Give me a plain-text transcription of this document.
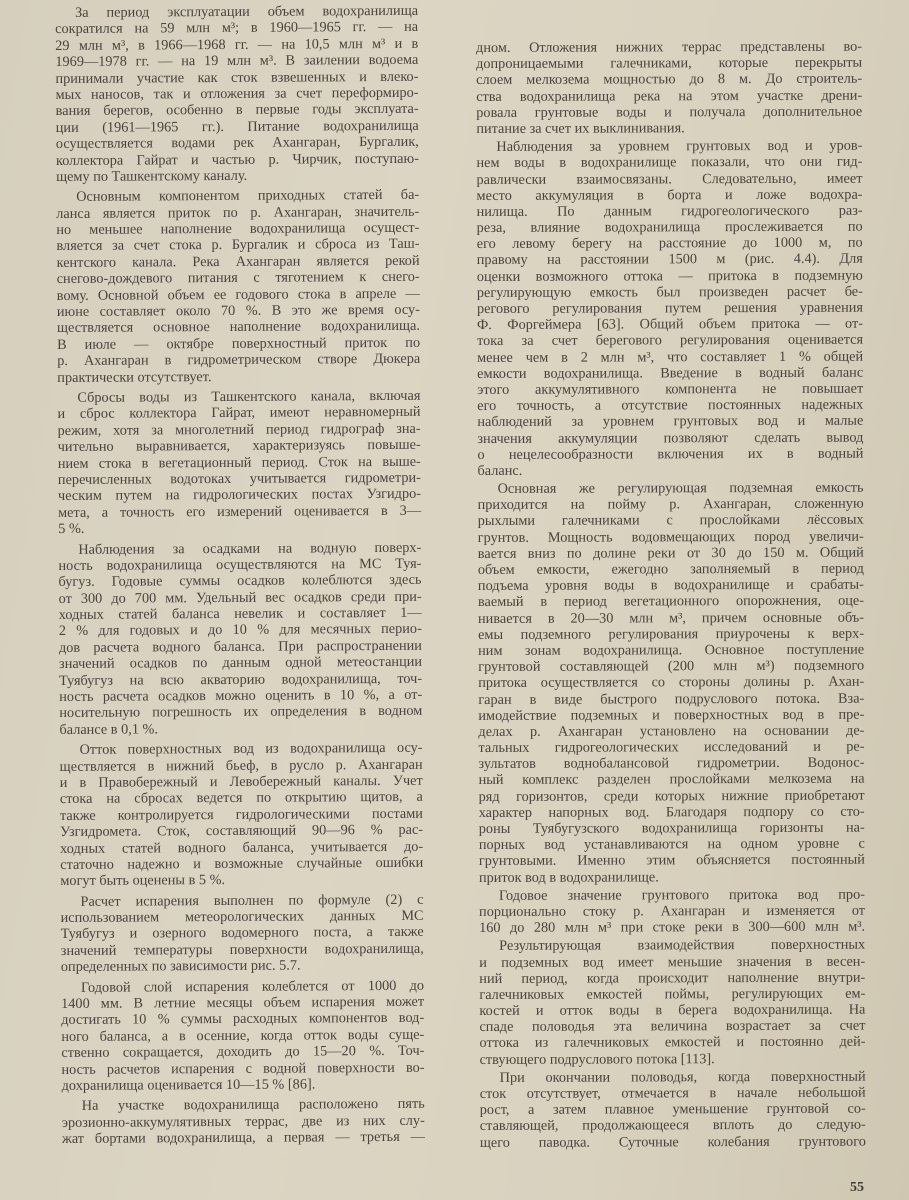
За период эксплуатации объем водохранилища
сократился на 59 млн м³; в 1960—1965 гг. — на
29 млн м³, в 1966—1968 гг. — на 10,5 млн м³ и в
1969—1978 гг. — на 19 млн м³. В заилении водоема
принимали участие как сток взвешенных и влеко-
мых наносов, так и отложения за счет переформиро-
вания берегов, особенно в первые годы эксплуата-
ции (1961—1965 гг.). Питание водохранилища
осуществляется водами рек Ахангаран, Бургалик,
коллектора Гайрат и частью р. Чирчик, поступаю-
щему по Ташкентскому каналу.
Основным компонентом приходных статей ба-
ланса является приток по р. Ахангаран, значитель-
но меньшее наполнение водохранилища осущест-
вляется за счет стока р. Бургалик и сброса из Таш-
кентского канала. Река Ахангаран является рекой
снегово-дождевого питания с тяготением к снего-
вому. Основной объем ее годового стока в апреле —
июне составляет около 70 %. В это же время осу-
ществляется основное наполнение водохранилища.
В июле — октябре поверхностный приток по
р. Ахангаран в гидрометрическом створе Дюкера
практически отсутствует.
Сбросы воды из Ташкентского канала, включая
и сброс коллектора Гайрат, имеют неравномерный
режим, хотя за многолетний период гидрограф зна-
чительно выравнивается, характеризуясь повыше-
нием стока в вегетационный период. Сток на выше-
перечисленных водотоках учитывается гидрометри-
ческим путем на гидрологических постах Узгидро-
мета, а точность его измерений оценивается в 3—
5 %.
Наблюдения за осадками на водную поверх-
ность водохранилища осуществляются на МС Туя-
бугуз. Годовые суммы осадков колеблются здесь
от 300 до 700 мм. Удельный вес осадков среди при-
ходных статей баланса невелик и составляет 1—
2 % для годовых и до 10 % для месячных перио-
дов расчета водного баланса. При распространении
значений осадков по данным одной метеостанции
Туябугуз на всю акваторию водохранилища, точ-
ность расчета осадков можно оценить в 10 %, а от-
носительную погрешность их определения в водном
балансе в 0,1 %.
Отток поверхностных вод из водохранилища осу-
ществляется в нижний бьеф, в русло р. Ахангаран
и в Правобережный и Левобережный каналы. Учет
стока на сбросах ведется по открытию щитов, а
также контролируется гидрологическими постами
Узгидромета. Сток, составляющий 90—96 % рас-
ходных статей водного баланса, учитывается до-
статочно надежно и возможные случайные ошибки
могут быть оценены в 5 %.
Расчет испарения выполнен по формуле (2) с
использованием метеорологических данных МС
Туябугуз и озерного водомерного поста, а также
значений температуры поверхности водохранилища,
определенных по зависимости рис. 5.7.
Годовой слой испарения колеблется от 1000 до
1400 мм. В летние месяцы объем испарения может
достигать 10 % суммы расходных компонентов вод-
ного баланса, а в осенние, когда отток воды суще-
ственно сокращается, доходить до 15—20 %. Точ-
ность расчетов испарения с водной поверхности во-
дохранилища оценивается 10—15 % [86].
На участке водохранилища расположено пять
эрозионно-аккумулятивных террас, две из них слу-
жат бортами водохранилища, а первая — третья —
дном. Отложения нижних террас представлены во-
допроницаемыми галечниками, которые перекрыты
слоем мелкозема мощностью до 8 м. До строитель-
ства водохранилища река на этом участке дрени-
ровала грунтовые воды и получала дополнительное
питание за счет их выклинивания.
Наблюдения за уровнем грунтовых вод и уров-
нем воды в водохранилище показали, что они гид-
равлически взаимосвязаны. Следовательно, имеет
место аккумуляция в борта и ложе водохра-
нилища. По данным гидрогеологического раз-
реза, влияние водохранилища прослеживается по
его левому берегу на расстояние до 1000 м, по
правому на расстоянии 1500 м (рис. 4.4). Для
оценки возможного оттока — притока в подземную
регулирующую емкость был произведен расчет бе-
регового регулирования путем решения уравнения
Ф. Форгеймера [63]. Общий объем притока — от-
тока за счет берегового регулирования оценивается
менее чем в 2 млн м³, что составляет 1 % общей
емкости водохранилища. Введение в водный баланс
этого аккумулятивного компонента не повышает
его точность, а отсутствие постоянных надежных
наблюдений за уровнем грунтовых вод и малые
значения аккумуляции позволяют сделать вывод
о нецелесообразности включения их в водный
баланс.
Основная же регулирующая подземная емкость
приходится на пойму р. Ахангаран, сложенную
рыхлыми галечниками с прослойками лёссовых
грунтов. Мощность водовмещающих пород увеличи-
вается вниз по долине реки от 30 до 150 м. Общий
объем емкости, ежегодно заполняемый в период
подъема уровня воды в водохранилище и срабаты-
ваемый в период вегетационного опорожнения, оце-
нивается в 20—30 млн м³, причем основные объ-
емы подземного регулирования приурочены к верх-
ним зонам водохранилища. Основное поступление
грунтовой составляющей (200 млн м³) подземного
притока осуществляется со стороны долины р. Ахан-
гаран в виде быстрого подруслового потока. Вза-
имодействие подземных и поверхностных вод в пре-
делах р. Ахангаран установлено на основании де-
тальных гидрогеологических исследований и ре-
зультатов воднобалансовой гидрометрии. Водонос-
ный комплекс разделен прослойками мелкозема на
ряд горизонтов, среди которых нижние приобретают
характер напорных вод. Благодаря подпору со сто-
роны Туябугузского водохранилища горизонты на-
порных вод устанавливаются на одном уровне с
грунтовыми. Именно этим объясняется постоянный
приток вод в водохранилище.
Годовое значение грунтового притока вод про-
порционально стоку р. Ахангаран и изменяется от
160 до 280 млн м³ при стоке реки в 300—600 млн м³.
Результирующая взаимодействия поверхностных
и подземных вод имеет меньшие значения в весен-
ний период, когда происходит наполнение внутри-
галечниковых емкостей поймы, регулирующих ем-
костей и отток воды в берега водохранилища. На
спаде половодья эта величина возрастает за счет
оттока из галечниковых емкостей и постоянно дей-
ствующего подруслового потока [113].
При окончании половодья, когда поверхностный
сток отсутствует, отмечается в начале небольшой
рост, а затем плавное уменьшение грунтовой со-
ставляющей, продолжающееся вплоть до следую-
щего паводка. Суточные колебания грунтового
55
